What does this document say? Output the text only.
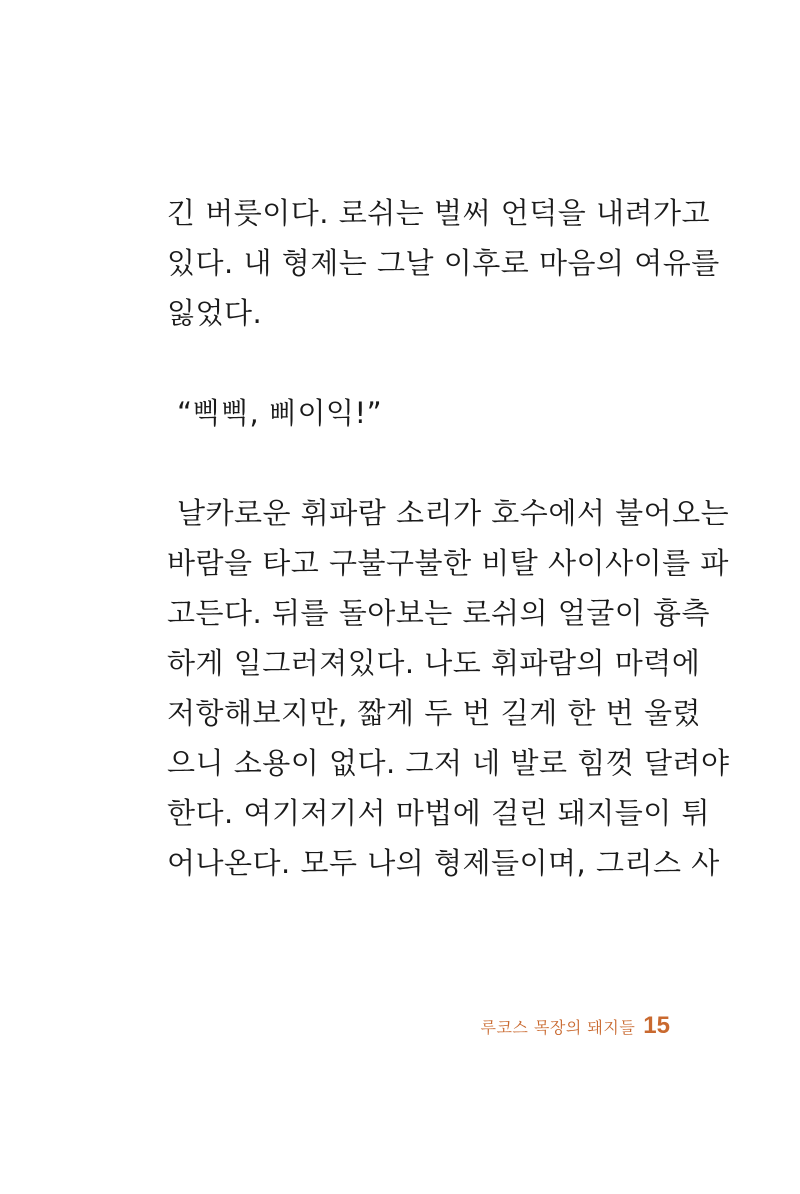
긴 버릇이다. 로쉬는 벌써 언덕을 내려가고
있다. 내 형제는 그날 이후로 마음의 여유를
잃었다.
“삑삑, 삐이익!”
날카로운 휘파람 소리가 호수에서 불어오는
바람을 타고 구불구불한 비탈 사이사이를 파
고든다. 뒤를 돌아보는 로쉬의 얼굴이 흉측
하게 일그러져있다. 나도 휘파람의 마력에
저항해보지만, 짧게 두 번 길게 한 번 울렸
으니 소용이 없다. 그저 네 발로 힘껏 달려야
한다. 여기저기서 마법에 걸린 돼지들이 튀
어나온다. 모두 나의 형제들이며, 그리스 사
루코스 목장의 돼지들 15
